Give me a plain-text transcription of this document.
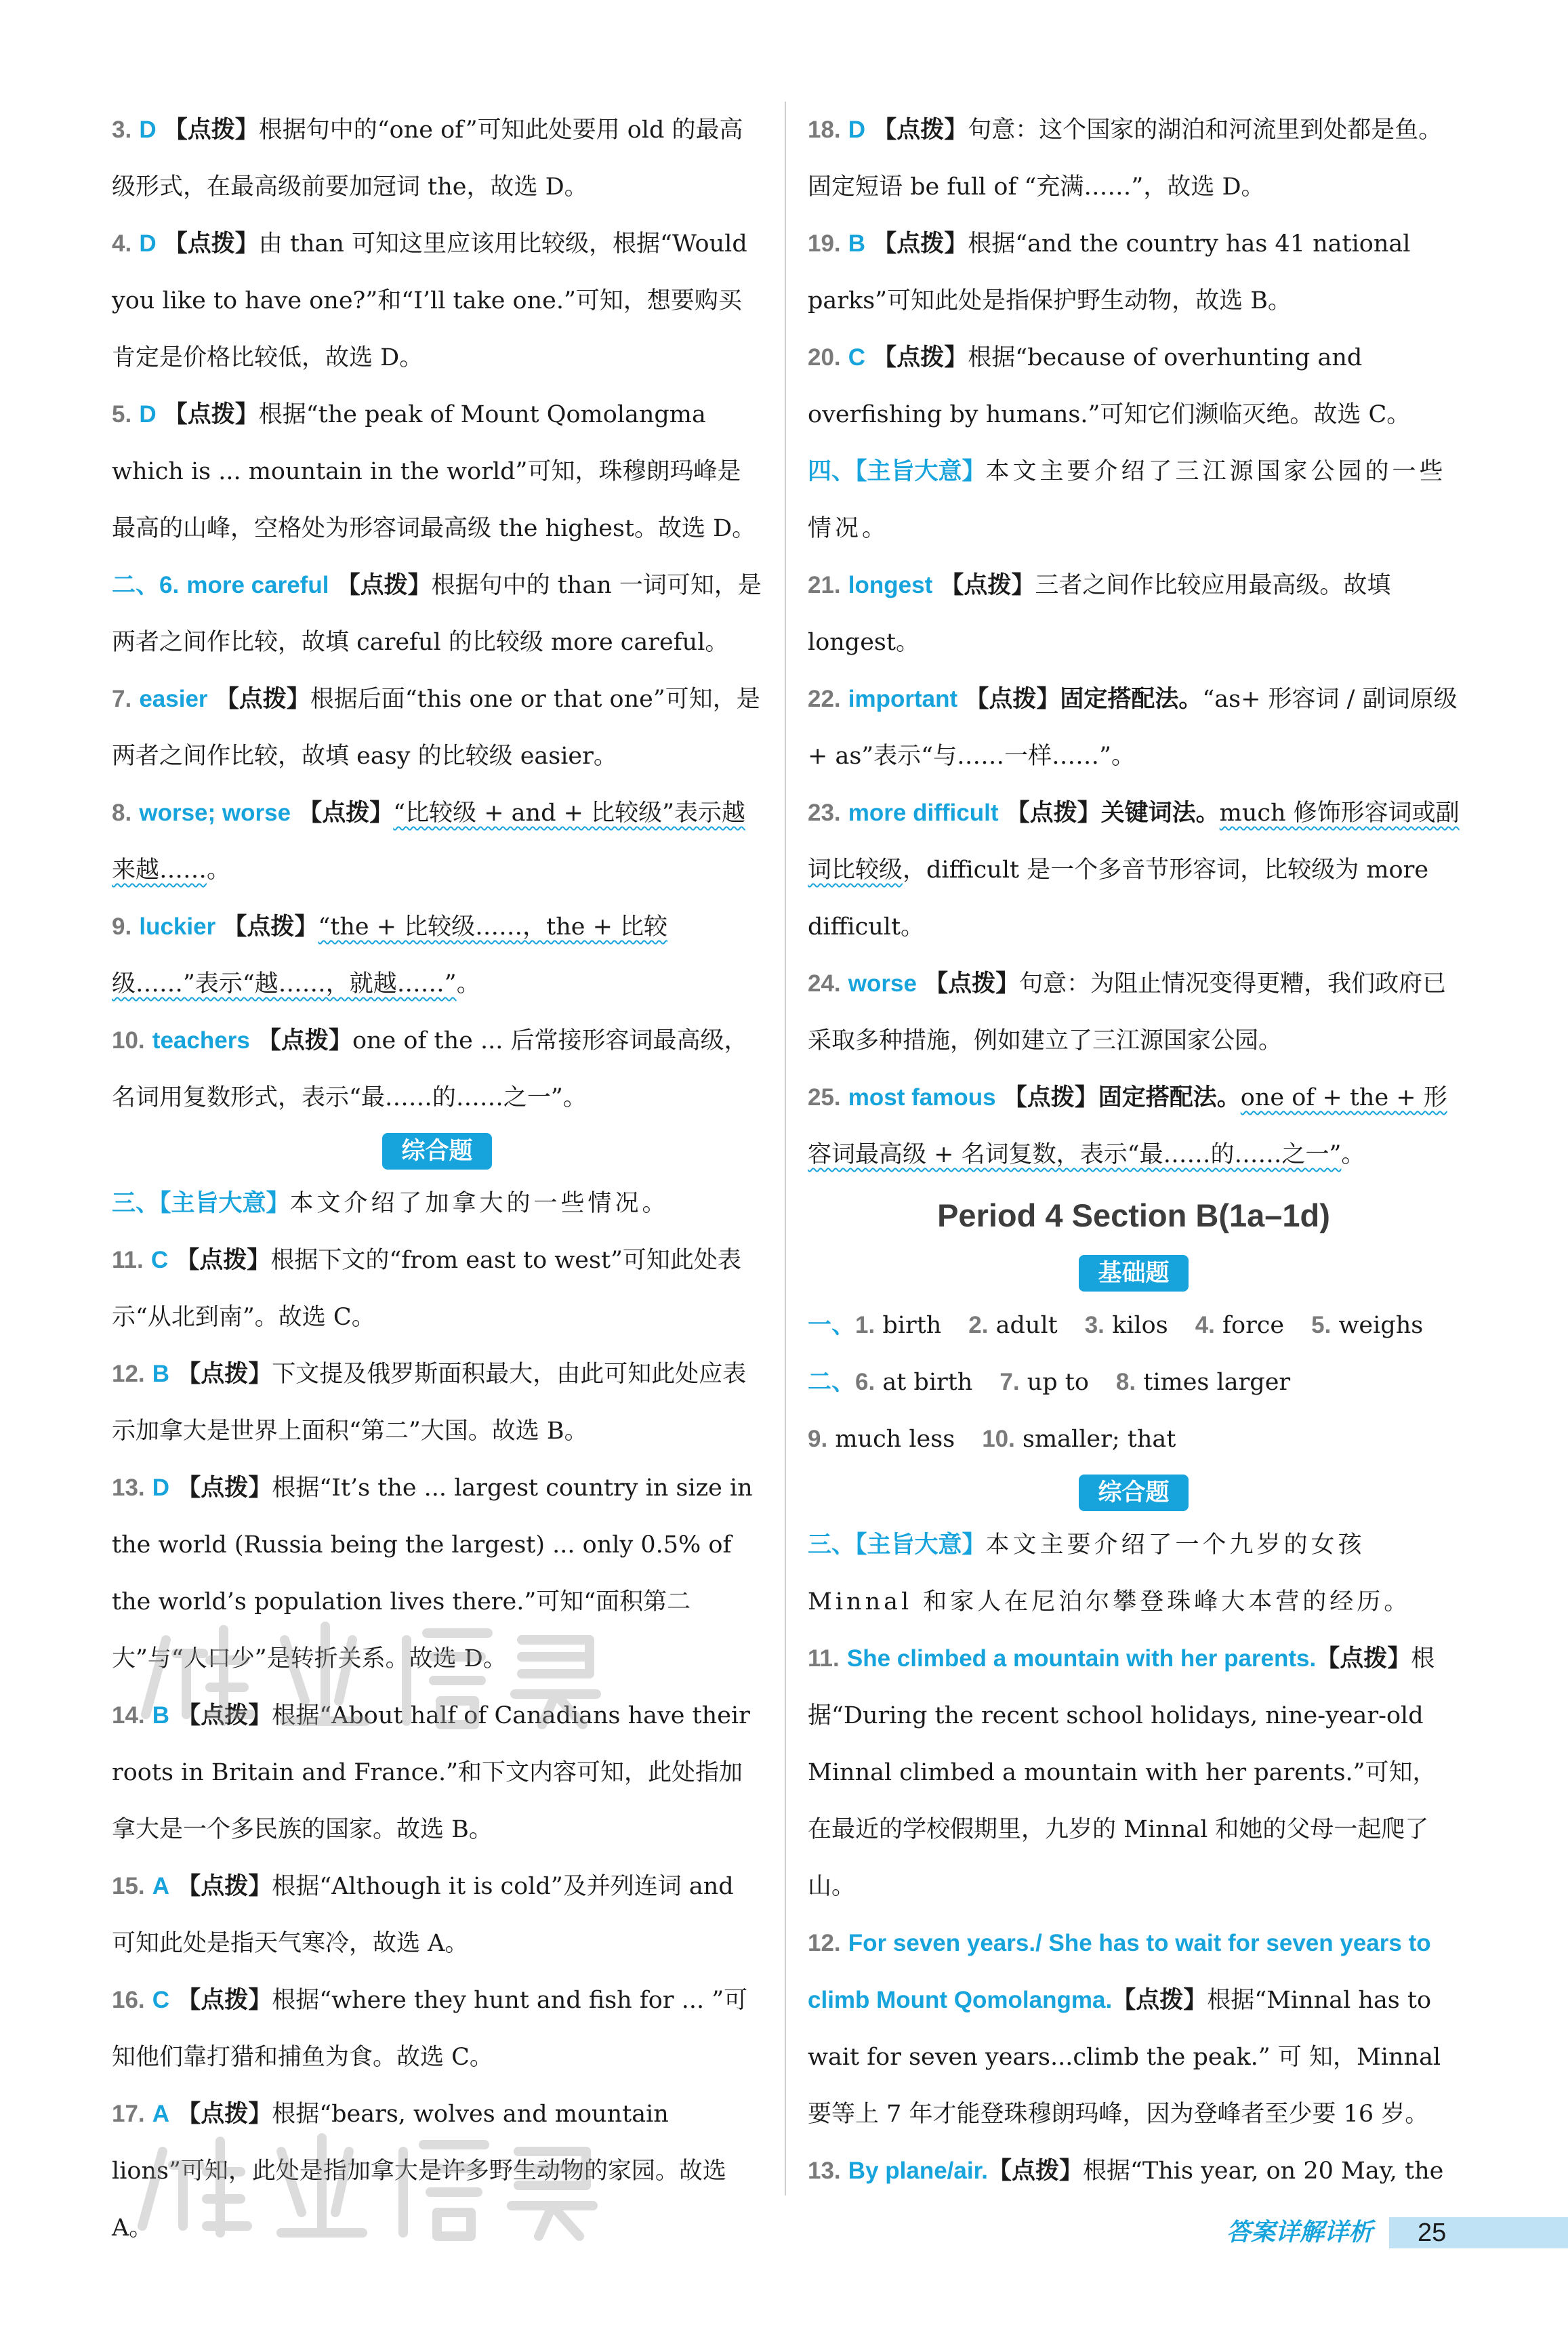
3. D 【点拨】根据句中的“one of”可知此处要用 old 的最高级形式，在最高级前要加冠词 the，故选 D。
4. D 【点拨】由 than 可知这里应该用比较级，根据“Would you like to have one?”和“I’ll take one.”可知，想要购买肯定是价格比较低，故选 D。
5. D 【点拨】根据“the peak of Mount Qomolangma which is ... mountain in the world”可知，珠穆朗玛峰是最高的山峰，空格处为形容词最高级 the highest。故选 D。
二、6. more careful 【点拨】根据句中的 than 一词可知，是两者之间作比较，故填 careful 的比较级 more careful。
7. easier 【点拨】根据后面“this one or that one”可知，是两者之间作比较，故填 easy 的比较级 easier。
8. worse; worse 【点拨】“比较级 + and + 比较级”表示越来越……。
9. luckier 【点拨】“the + 比较级……，the + 比较级……”表示“越……，就越……”。
10. teachers 【点拨】one of the ... 后常接形容词最高级，名词用复数形式，表示“最……的……之一”。
综合题
三、【主旨大意】本文介绍了加拿大的一些情况。
11. C 【点拨】根据下文的“from east to west”可知此处表示“从北到南”。故选 C。
12. B 【点拨】下文提及俄罗斯面积最大，由此可知此处应表示加拿大是世界上面积“第二”大国。故选 B。
13. D 【点拨】根据“It’s the ... largest country in size in the world (Russia being the largest) ... only 0.5% of the world’s population lives there.”可知“面积第二大”与“人口少”是转折关系。故选 D。
14. B 【点拨】根据“About half of Canadians have their roots in Britain and France.”和下文内容可知，此处指加拿大是一个多民族的国家。故选 B。
15. A 【点拨】根据“Although it is cold”及并列连词 and 可知此处是指天气寒冷，故选 A。
16. C 【点拨】根据“where they hunt and fish for ... ”可知他们靠打猎和捕鱼为食。故选 C。
17. A 【点拨】根据“bears, wolves and mountain lions”可知，此处是指加拿大是许多野生动物的家园。故选 A。
18. D 【点拨】句意：这个国家的湖泊和河流里到处都是鱼。固定短语 be full of “充满……”，故选 D。
19. B 【点拨】根据“and the country has 41 national parks”可知此处是指保护野生动物，故选 B。
20. C 【点拨】根据“because of overhunting and overfishing by humans.”可知它们濒临灭绝。故选 C。
四、【主旨大意】本文主要介绍了三江源国家公园的一些情况。
21. longest 【点拨】三者之间作比较应用最高级。故填 longest。
22. important 【点拨】固定搭配法。“as+ 形容词 / 副词原级 + as”表示“与……一样……”。
23. more difficult 【点拨】关键词法。much 修饰形容词或副词比较级，difficult 是一个多音节形容词，比较级为 more difficult。
24. worse 【点拨】句意：为阻止情况变得更糟，我们政府已采取多种措施，例如建立了三江源国家公园。
25. most famous 【点拨】固定搭配法。one of + the + 形容词最高级 + 名词复数，表示“最……的……之一”。
Period 4 Section B(1a–1d)
基础题
一、1. birth 2. adult 3. kilos 4. force 5. weighs
二、6. at birth 7. up to 8. times larger
9. much less 10. smaller; that
综合题
三、【主旨大意】本文主要介绍了一个九岁的女孩 Minnal 和家人在尼泊尔攀登珠峰大本营的经历。
11. She climbed a mountain with her parents.【点拨】根据“During the recent school holidays, nine-year-old Minnal climbed a mountain with her parents.”可知，在最近的学校假期里，九岁的 Minnal 和她的父母一起爬了山。
12. For seven years./ She has to wait for seven years to climb Mount Qomolangma.【点拨】根据“Minnal has to wait for seven years...climb the peak.” 可 知，Minnal 要等上 7 年才能登珠穆朗玛峰，因为登峰者至少要 16 岁。
13. By plane/air.【点拨】根据“This year, on 20 May, the
答案详解详析 25
